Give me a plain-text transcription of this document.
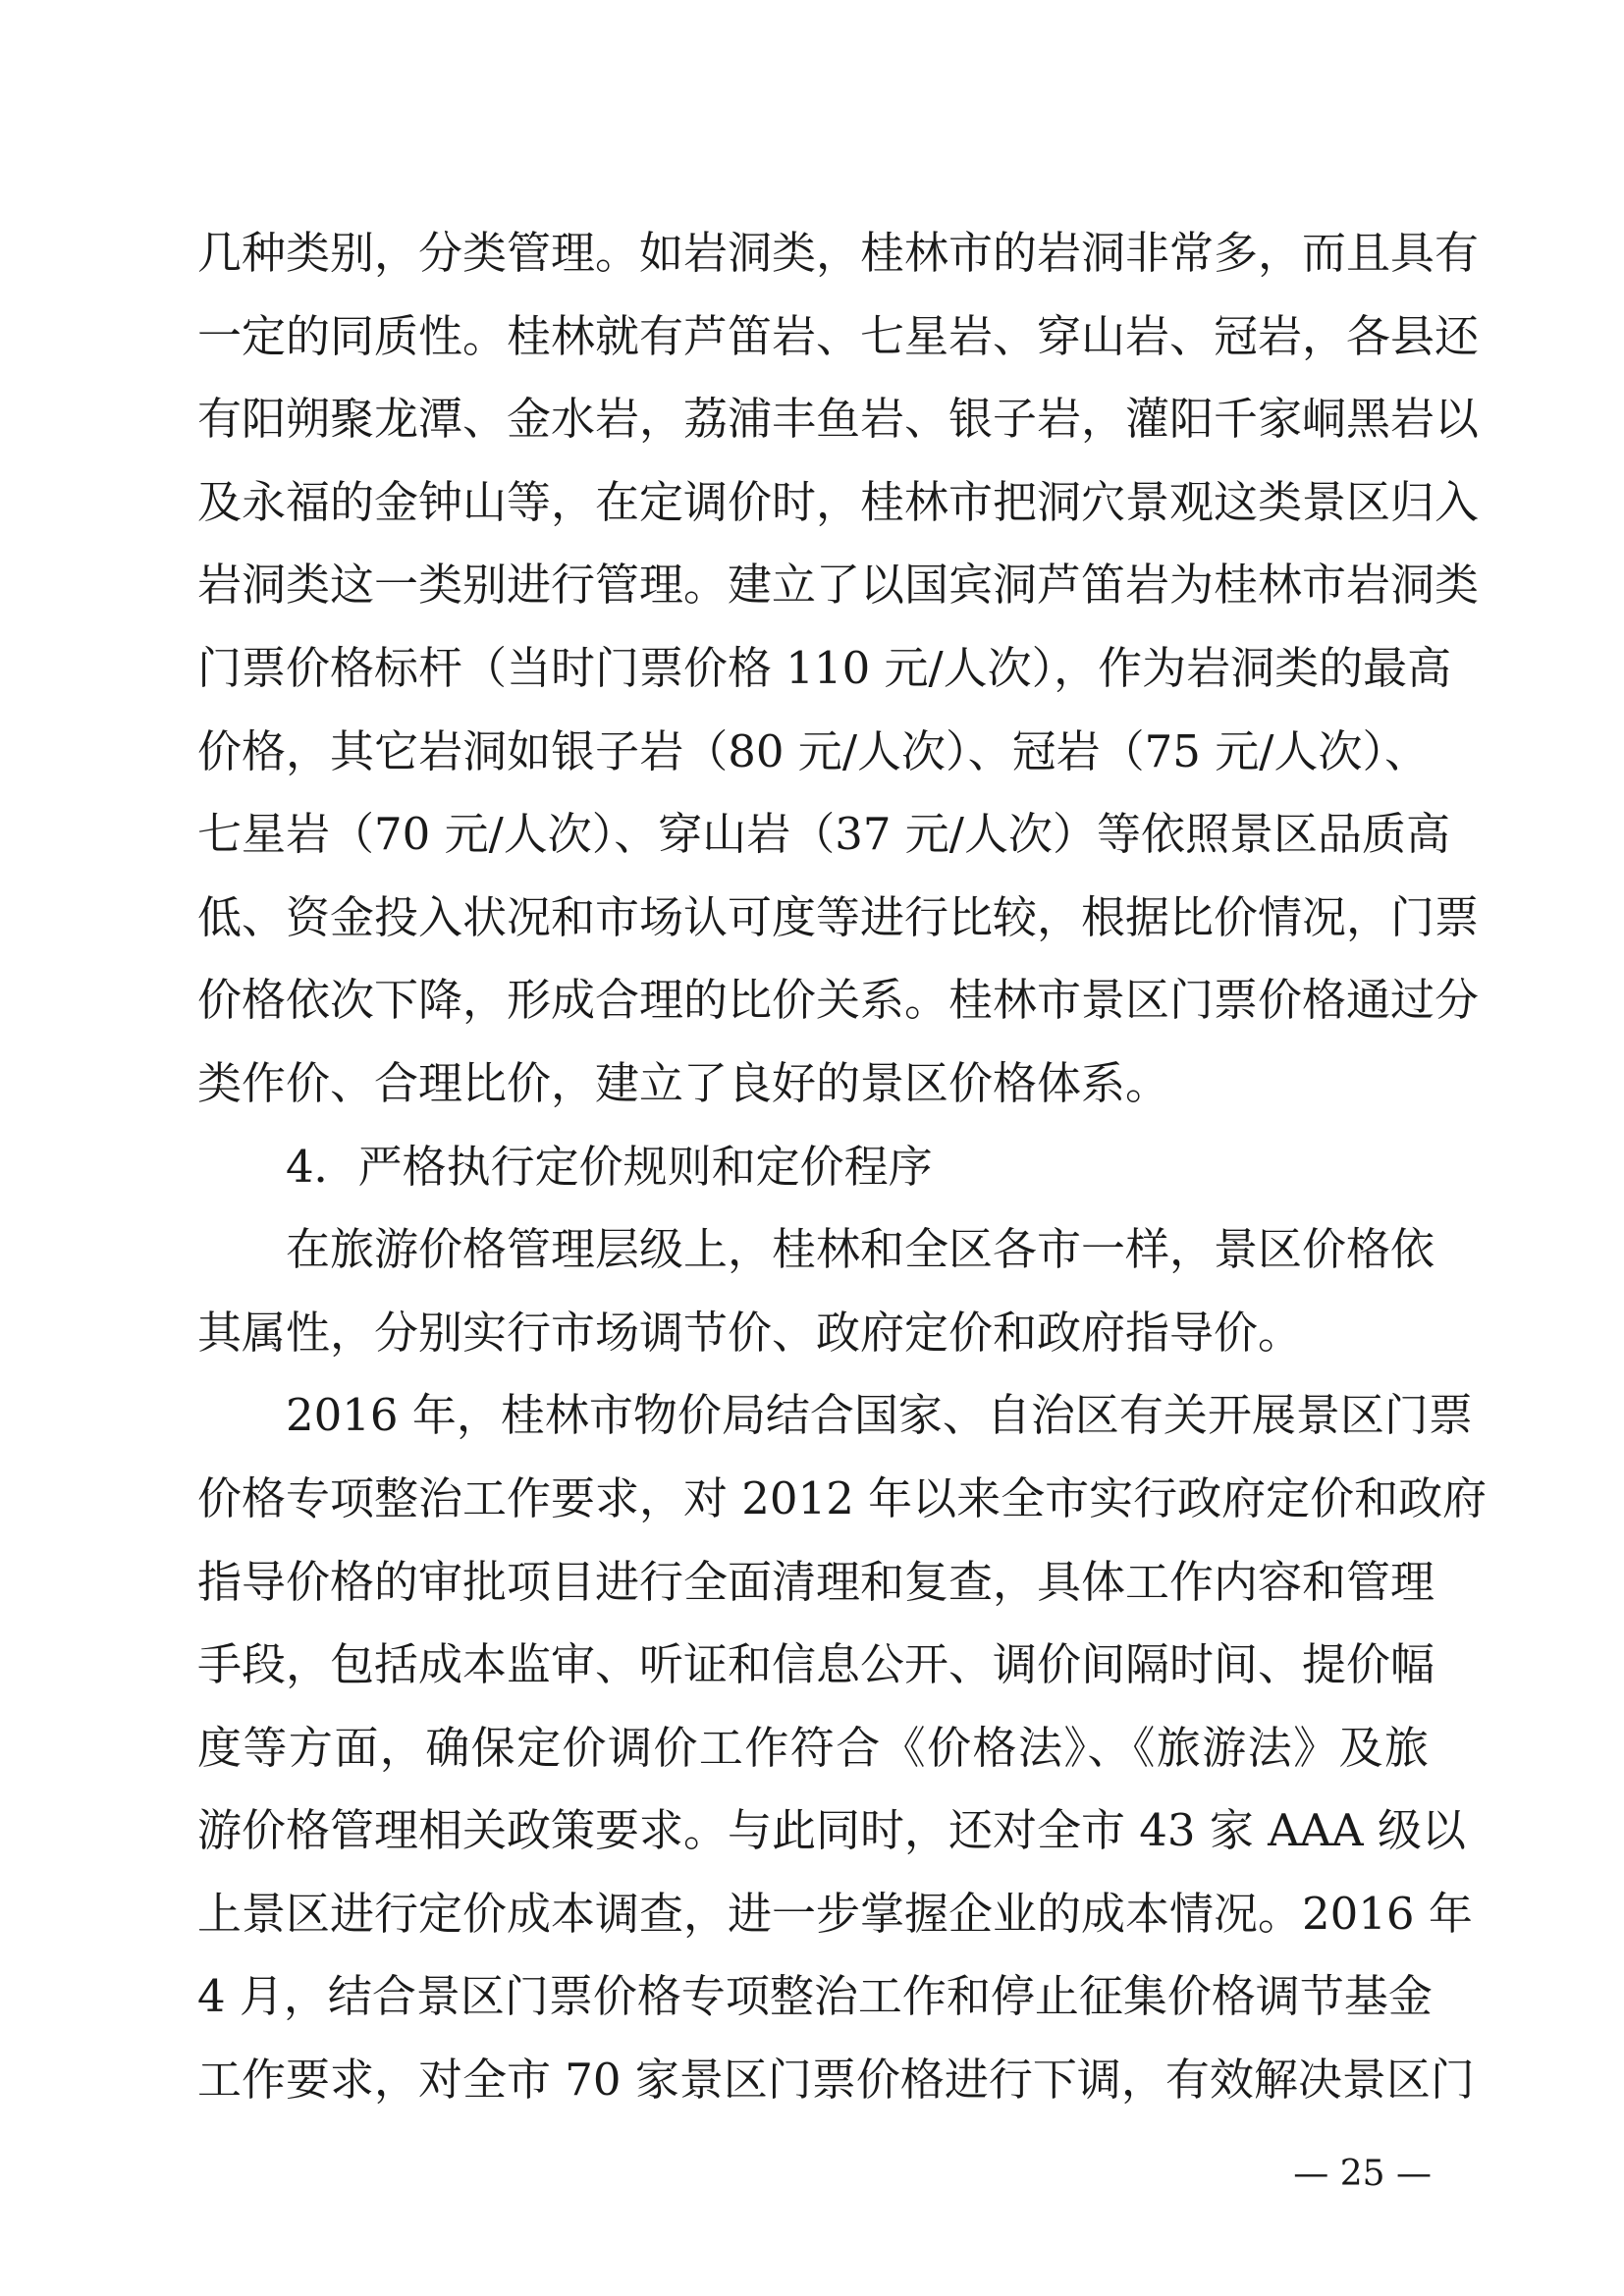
几种类别，分类管理。如岩洞类，桂林市的岩洞非常多，而且具有
一定的同质性。桂林就有芦笛岩、七星岩、穿山岩、冠岩，各县还
有阳朔聚龙潭、金水岩，荔浦丰鱼岩、银子岩，灌阳千家峒黑岩以
及永福的金钟山等，在定调价时，桂林市把洞穴景观这类景区归入
岩洞类这一类别进行管理。建立了以国宾洞芦笛岩为桂林市岩洞类
门票价格标杆（当时门票价格 110 元/人次），作为岩洞类的最高
价格，其它岩洞如银子岩（80 元/人次）、冠岩（75 元/人次）、
七星岩（70 元/人次）、穿山岩（37 元/人次）等依照景区品质高
低、资金投入状况和市场认可度等进行比较，根据比价情况，门票
价格依次下降，形成合理的比价关系。桂林市景区门票价格通过分
类作价、合理比价，建立了良好的景区价格体系。
4．严格执行定价规则和定价程序
在旅游价格管理层级上，桂林和全区各市一样，景区价格依
其属性，分别实行市场调节价、政府定价和政府指导价。
2016 年，桂林市物价局结合国家、自治区有关开展景区门票
价格专项整治工作要求，对 2012 年以来全市实行政府定价和政府
指导价格的审批项目进行全面清理和复查，具体工作内容和管理
手段，包括成本监审、听证和信息公开、调价间隔时间、提价幅
度等方面，确保定价调价工作符合《价格法》、《旅游法》及旅
游价格管理相关政策要求。与此同时，还对全市 43 家 AAA 级以
上景区进行定价成本调查，进一步掌握企业的成本情况。2016 年
4 月，结合景区门票价格专项整治工作和停止征集价格调节基金
工作要求，对全市 70 家景区门票价格进行下调，有效解决景区门
— 25 —
